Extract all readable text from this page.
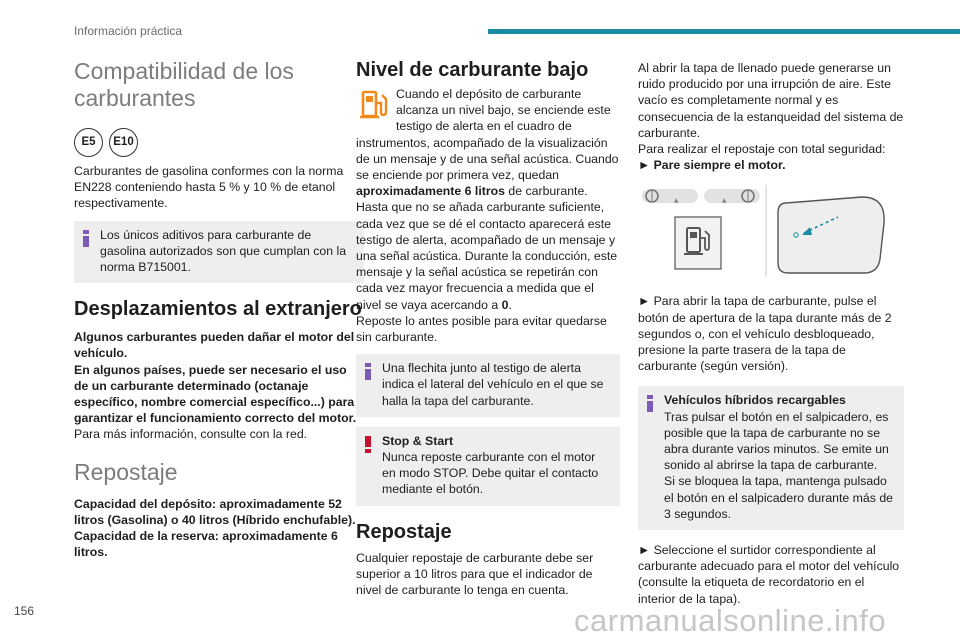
Información práctica
Compatibilidad de los carburantes
E5	E10

Carburantes de gasolina conformes con la norma EN228 conteniendo hasta 5 % y 10 % de etanol respectivamente.

Los únicos aditivos para carburante de gasolina autorizados son que cumplan con la norma B715001.

Desplazamientos al extranjero

Algunos carburantes pueden dañar el motor del vehículo.
En algunos países, puede ser necesario el uso de un carburante determinado (octanaje específico, nombre comercial específico...) para garantizar el funcionamiento correcto del motor.

Para más información, consulte con la red.

Repostaje

Capacidad del depósito: aproximadamente 52 litros (Gasolina) o 40 litros (Híbrido enchufable).
Capacidad de la reserva: aproximadamente 6 litros.

Nivel de carburante bajo

Cuando el depósito de carburante alcanza un nivel bajo, se enciende este testigo de alerta en el cuadro de instrumentos, acompañado de la visualización de un mensaje y de una señal acústica. Cuando se enciende por primera vez, quedan aproximadamente 6 litros de carburante.

Hasta que no se añada carburante suficiente, cada vez que se dé el contacto aparecerá este testigo de alerta, acompañado de un mensaje y una señal acústica. Durante la conducción, este mensaje y la señal acústica se repetirán con cada vez mayor frecuencia a medida que el nivel se vaya acercando a 0.

Reposte lo antes posible para evitar quedarse sin carburante.

Una flechita junto al testigo de alerta indica el lateral del vehículo en el que se halla la tapa del carburante.

Stop & Start

Nunca reposte carburante con el motor en modo STOP. Debe quitar el contacto mediante el botón.

Repostaje

Cualquier repostaje de carburante debe ser superior a 10 litros para que el indicador de nivel de carburante lo tenga en cuenta.

Al abrir la tapa de llenado puede generarse un ruido producido por una irrupción de aire. Este vacío es completamente normal y es consecuencia de la estanqueidad del sistema de carburante.
Para realizar el repostaje con total seguridad:

► Pare siempre el motor.

▲	▲

► Para abrir la tapa de carburante, pulse el botón de apertura de la tapa durante más de 2 segundos o, con el vehículo desbloqueado, presione la parte trasera de la tapa de carburante (según versión).

Vehículos híbridos recargables

Tras pulsar el botón en el salpicadero, es posible que la tapa de carburante no se abra durante varios minutos. Se emite un sonido al abrirse la tapa de carburante.
Si se bloquea la tapa, mantenga pulsado el botón en el salpicadero durante más de 3 segundos.

► Seleccione el surtidor correspondiente al carburante adecuado para el motor del vehículo (consulte la etiqueta de recordatorio en el interior de la tapa).

156	carmanualsonline.info
